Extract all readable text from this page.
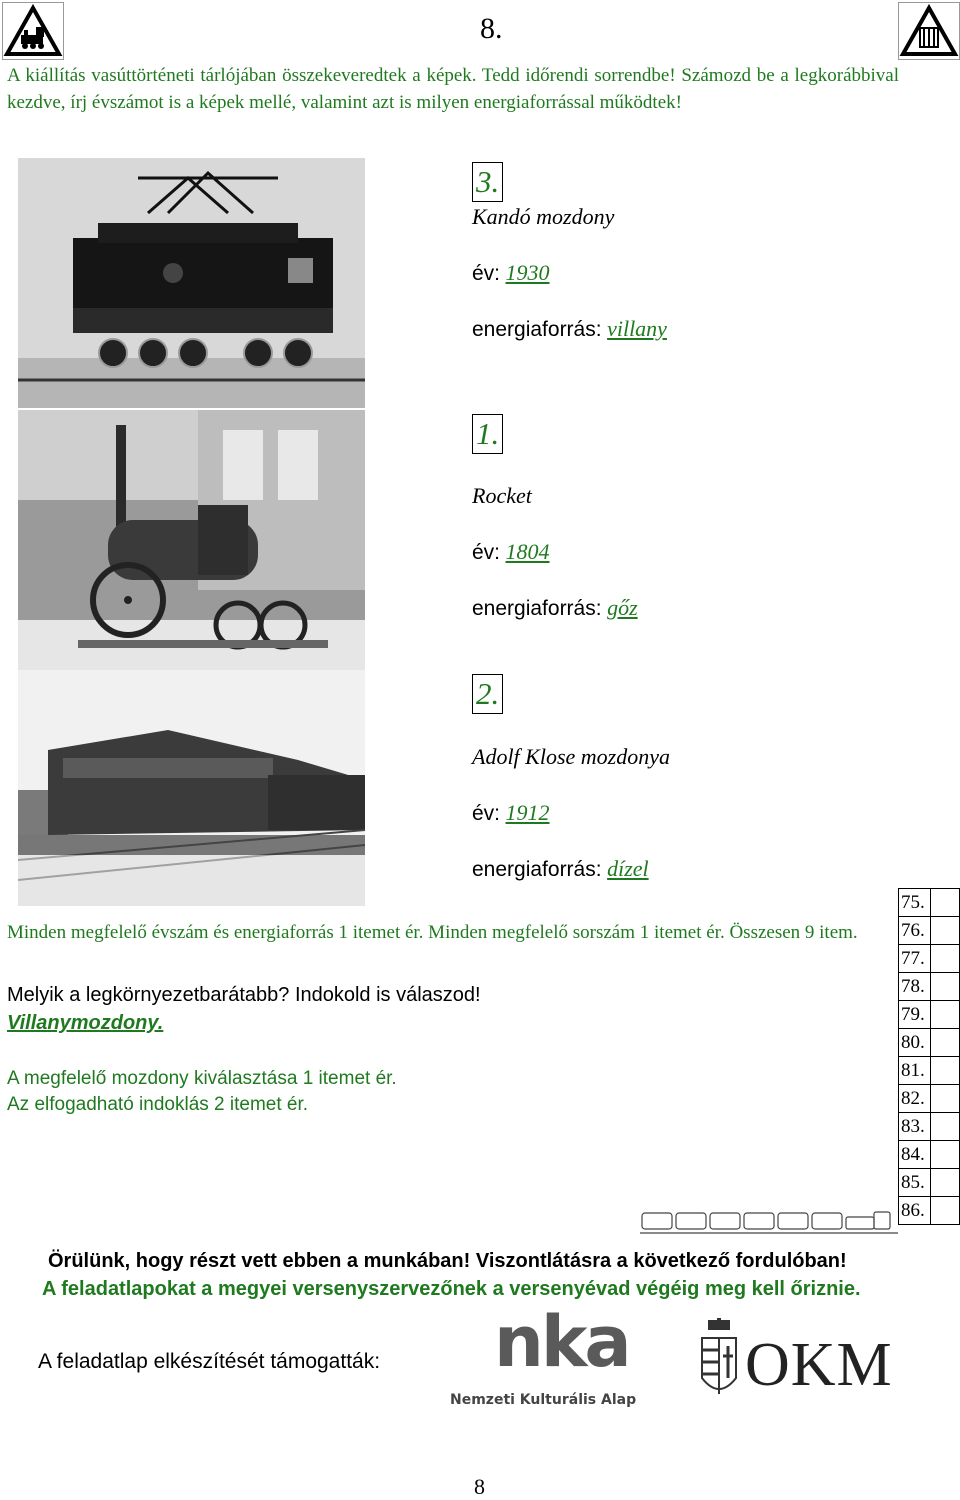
8.
A kiállítás vasúttörténeti tárlójában összekeveredtek a képek. Tedd időrendi sorrendbe! Számozd be a legkorábbival kezdve, írj évszámot is a képek mellé, valamint azt is milyen energiaforrással működtek!
3.
Kandó mozdony
év: 1930
energiaforrás: villany
1.
Rocket
év: 1804
energiaforrás: gőz
2.
Adolf Klose mozdonya
év: 1912
energiaforrás: dízel
Minden megfelelő évszám és energiaforrás 1 itemet ér. Minden megfelelő sorszám 1 itemet ér. Összesen 9 item.
Melyik a legkörnyezetbarátabb? Indokold is válaszod!
Villanymozdony.
A megfelelő mozdony kiválasztása 1 itemet ér.
Az elfogadható indoklás 2 itemet ér.
75.	
76.	
77.	
78.	
79.	
80.	
81.	
82.	
83.	
84.	
85.	
86.	
Örülünk, hogy részt vett ebben a munkában! Viszontlátásra a következő fordulóban!
A feladatlapokat a megyei versenyszervezőnek a versenyévad végéig meg kell őriznie.
A feladatlap elkészítését támogatták: nka
Nemzeti Kulturális Alap
OKM
8
